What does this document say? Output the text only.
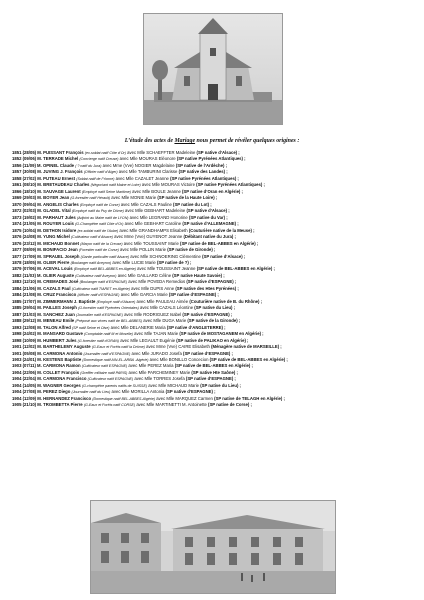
L’étude des actes de Mariage nous permet de révéler quelques origines :
1851 (28/05) M. PUISSANT François (ex-soldat natif Côte d’Or) avec Mlle SCHAEFFTER Madeleine (SP native d’Alsace) ;
1852 (09/06) M. TERRADE Michel (Concierge natif Creuse) avec Mlle MOURAS Eléonore (SP native Pyrénées Atlantiques) ;
1856 (11/09) M. OPINEL Claude ( ? natif du Jura) avec Mme (Vve) NOGIER Magdelaine (SP native de l’Ardèche) ;
1857 (30/08) M. JUVING J. François (Officier natif d’Alger) avec Mlle TAMBURINI Clarisse (SP native des Landes) ;
1858 (27/02) M. PUTEAU Ernest (Soldat natif de l’Yonne) avec Mlle CAZALET Jeanne (SP native Pyrénées Atlantiques) ;
1861 (08/10) M. BRETAUDEAU Charles (Négociant natif Maine et Loire) avec Mlle MOURAS Victoire (SP native Pyrénées Atlantiques) ;
1866 (18/10) M. SAUVAGE Laurent (Employé natif Seine Maritime) avec Mlle BOULE Jeanne (SP native d’Oran en Algérie) ;
1869 (29/03) M. BOYER Jean (G-forestier natif Hérault) avec Mlle MONIE Marie (SP native de la Haute Loire) ;
1870 (09/04) M. ANGELIS Charles (Employé natif de Corse) avec Mlle CAZALS Pauline (SP native du Lot) ;
1872 (02/03) M. GLADEL Vital (Employé natif du Puy de Dôme) avec Mlle GEBHART Madeleine (SP native d’Alsace) ;
1873 (19/02) M. PARHAUT Jules (Adjoint au Maire natif de LYON) avec Mlle LEGRAND Honorine (SP native du Var) ;
1874 (21/05) M. ROUYER Louis (G-Champêtre natif Côte d’Or) avec Mlle GEBHART Caroline (SP native d’ALLEMAGNE) ;
1875 (10/04) M. DETHON Isidore (ex-soldat natif de l’Aube) avec Mlle GRANDHAMPS Elisabeth (Couturière native de la Meuse) ;
1876 (24/08) M. YUNG Michel (Cultivateur natif d’Alsace) avec Mme (Vve) GUYENOT Jeanne (Débitant native du Jura) ;
1876 (23/12) M. MICHAUD Bonnet (Maçon natif de la Creuse) avec Mlle TOUSSAINT Marie (SP native de BEL-ABBES en Algérie) ;
1877 (08/09) M. BONIFACIO Jean (Forestier natif de Corse) avec Mlle POLLIN Marie (SP native de Gironde) ;
1877 (17/09) M. SPRAUEL Joseph (Garde particulier natif Alsace) avec Mlle SCHNOERING Clémentine (SP native d’Alsace) ;
1878 (18/05) M. OLIER Pierre (Boulanger natif Aveyron) avec Mlle LUCIE Marie (SP native de ?) ;
1879 (07/06) M. ACEVAL Louis (Employé natif BEL-ABBES en Algérie) avec Mlle TOUSSAINT Jeanne (SP native de BEL-ABBES en Algérie) ;
1882 (11/03) M. OLIER Auguste (Cultivateur natif Aveyron) avec Mlle GAILLARD Céline (SP native Haute Savoie) ;
1883 (12/10) M. CREMADES José (Boulanger natif d’ESPAGNE) avec Mlle POVEDA Remedios (SP native d’ESPAGNE) ;
1884 (21/06) M. CAZALS Paul (Cultivateur natif TIARET en Algérie) avec Mlle DUPIS Anne (SP native des Htes Pyrénées) ;
1884 (21/08) M. CRUZ Francisco (Afficier natif d’ESPAGNE) avec Mlle GARCIA Marie (SP native d’ESPAGNE) ;
1885 (17/07) M. ZIMMERMANN J. Baptiste (Employé natif d’Alsace) avec Mlle PAULEAU Aimée (Couturière native de B. du Rhône) ;
1885 (29/04) M. PAILLES Joseph (G-forestier natif Pyrénées Orientales) avec Mlle CAZALS Léontine (SP native du Lieu) ;
1887 (21/03) M. SANCHEZ Juan (Journalier natif d’ESPAGNE) avec Mlle RODRIGUEZ Isabel (SP native d’ESPAGNE) ;
1888 (29/12) M. MENEAU Emile (Préposé aux vivres natif de BEL-ABBES) avec Mlle DUGA Marie (SP native de la Gironde) ;
1893 (12/08) M. TALON Alfred (SP natif Seine et Oise) avec Mlle DELANERIE Maria (SP native d’ANGLETERRE) ;
1898 (24/02) M. MANSARD Gustave (Comptable natif M et Moselle) avec Mlle TAJAN Marie (SP native de MOSTAGANEM en Algérie) ;
1898 (10/09) M. HUMBERT Jules (G-forestier natif d’ORAN) avec Mlle LEGAULT Eugénie (SP native de PALIKAO en Algérie) ;
1901 (12/02) M. BARTHELEMY Auguste (G-Eaux et Forêts natif la Drôme) avec Mme (Vve) CAIRE Elisabeth (Ménagère native de MARSEILLE) ;
1901 (05/08) M. CARMONA Antonio (Journalier natif d’ESPAGNE) avec Mlle JURADO Josefa (SP native d’ESPAGNE) ;
1903 (24/01) M. KESTENS Baptiste (Domestique natif AIN-EL-ARBA -Algérie) avec Mlle BONILLO Concecion (SP native de BEL-ABBES en Algérie) ;
1903 (07/11) M. CARMONA Ramon (Cultivateur natif ESPAGNE) avec Mlle PEREZ Maria (SP native de BEL-ABBES en Algérie) ;
1904 (22/06) M. COLLET François (Greffier militaire natif PARIS) avec Mlle PARCHEMINEY Marie (SP native Hte Saône) ;
1904 (22/04) M. CARMONA Francisco (Cultivateur natif ESPAGNE) avec Mlle TORRES Josefa (SP native d’ESPAGNE) ;
1904 (14/05) M. WAGNER Georges (G-champêtre parents natifs de SUISSE) avec Mlle MICHAUD Marie (SP native du Lieu) ;
1904 (27/08) M. PEREZ Diego (Journalier natif du Lieu) avec Mlle MORILLA Antonia (SP native d’ESPAGNE) ;
1904 (12/09) M. HERNANDEZ Francisco (Domestique natif BEL-ABBES-Algérie) avec Mlle MARQUEZ Carmen (SP native de TELAGH en Algérie) ;
1905 (21/10) M. TROMBETTA Pierre (G-Eaux et Forêts natif CORSE) avec Mlle MARTINETTI M. Antoinette (SP native de Corse) ;
